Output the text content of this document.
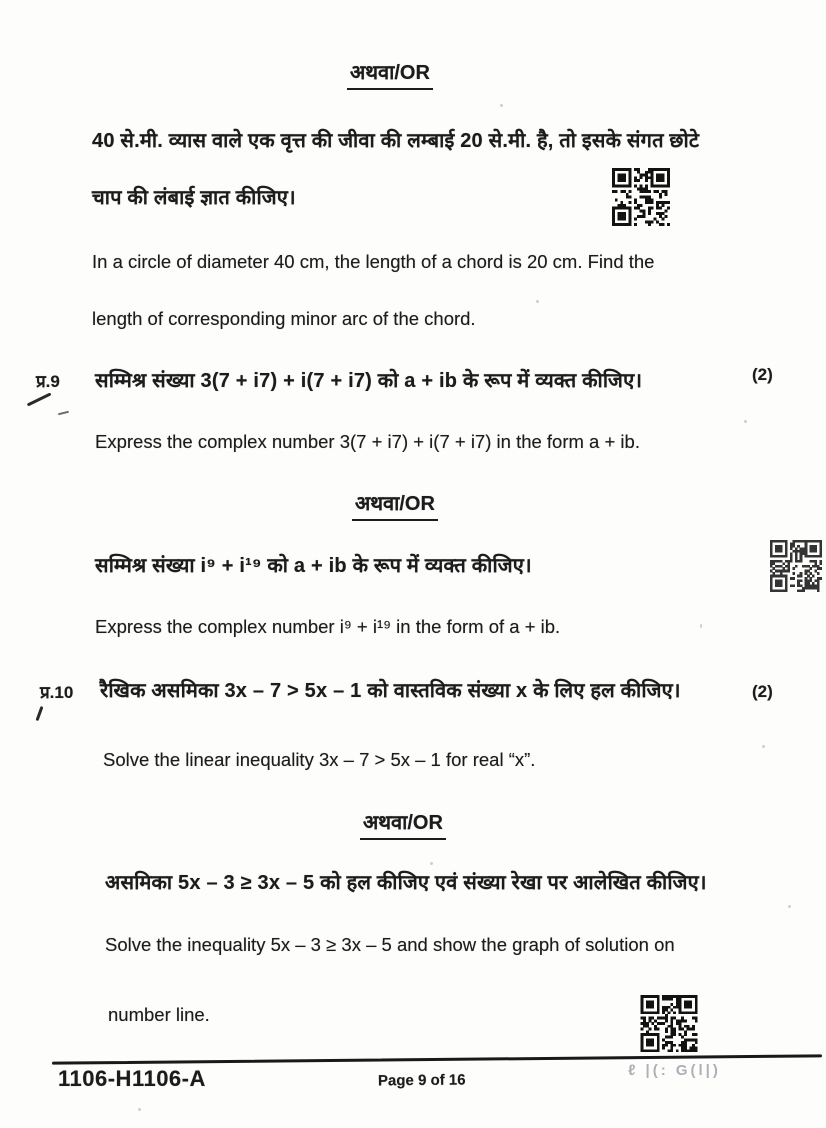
अथवा/OR
40 से.मी. व्यास वाले एक वृत्त की जीवा की लम्बाई 20 से.मी. है, तो इसके संगत छोटे
चाप की लंबाई ज्ञात कीजिए।
In a circle of diameter 40 cm, the length of a chord is 20 cm. Find the
length of corresponding minor arc of the chord.
प्र.9 सम्मिश्र संख्या 3(7 + i7) + i(7 + i7) को a + ib के रूप में व्यक्त कीजिए।	(2)
Express the complex number 3(7 + i7) + i(7 + i7) in the form a + ib.
अथवा/OR
सम्मिश्र संख्या i⁹ + i¹⁹ को a + ib के रूप में व्यक्त कीजिए।
Express the complex number i⁹ + i¹⁹ in the form of a + ib.
प्र.10 रैखिक असमिका 3x – 7 > 5x – 1 को वास्तविक संख्या x के लिए हल कीजिए।	(2)
Solve the linear inequality 3x – 7 > 5x – 1 for real “x”.
अथवा/OR
असमिका 5x – 3 ≥ 3x – 5 को हल कीजिए एवं संख्या रेखा पर आलेखित कीजिए।
Solve the inequality 5x – 3 ≥ 3x – 5 and show the graph of solution on
number line.
1106-H1106-A	Page 9 of 16
ℓ |(: G(l|)
